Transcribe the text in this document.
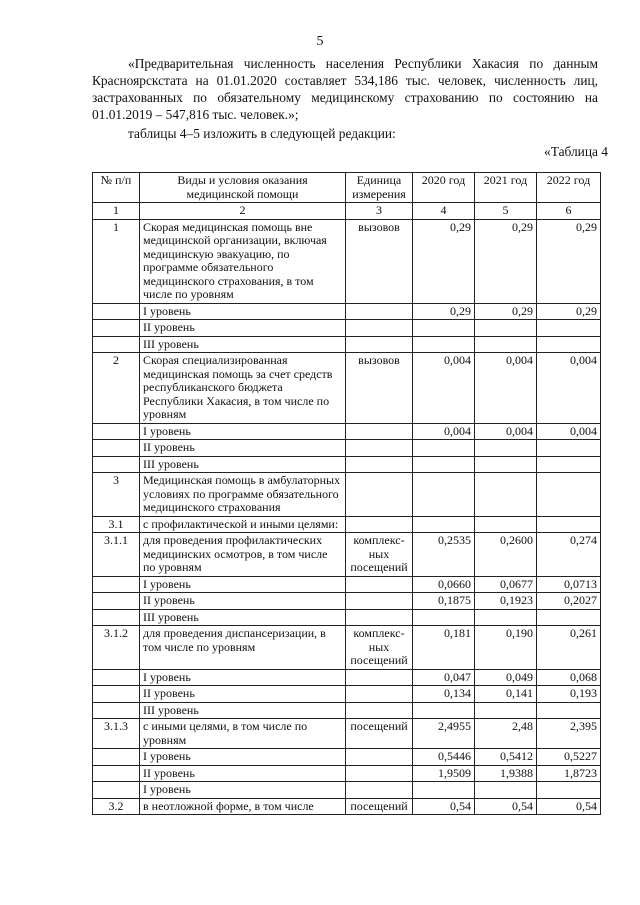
5
«Предварительная численность населения Республики Хакасия по данным Красноярскстата на 01.01.2020 составляет 534,186 тыс. человек, численность лиц, застрахованных по обязательному медицинскому страхованию по состоянию на 01.01.2019 – 547,816 тыс. человек.»;
таблицы 4–5 изложить в следующей редакции:
«Таблица 4
№ п/п	Виды и условия оказания медицинской помощи	Единица измерения	2020 год	2021 год	2022 год
1	2	3	4	5	6
1	Скорая медицинская помощь вне медицинской организации, включая медицинскую эвакуацию, по программе обязательного медицинского страхования, в том числе по уровням	вызовов	0,29	0,29	0,29
	I уровень		0,29	0,29	0,29
	II уровень				
	III уровень				
2	Скорая специализированная медицинская помощь за счет средств республиканского бюджета Республики Хакасия, в том числе по уровням	вызовов	0,004	0,004	0,004
	I уровень		0,004	0,004	0,004
	II уровень				
	III уровень				
3	Медицинская помощь в амбулаторных условиях по программе обязательного медицинского страхования				
3.1	с профилактической и иными целями:				
3.1.1	для проведения профилактических медицинских осмотров, в том числе по уровням	комплекс-ных посещений	0,2535	0,2600	0,274
	I уровень		0,0660	0,0677	0,0713
	II уровень		0,1875	0,1923	0,2027
	III уровень				
3.1.2	для проведения диспансеризации, в том числе по уровням	комплекс-ных посещений	0,181	0,190	0,261
	I уровень		0,047	0,049	0,068
	II уровень		0,134	0,141	0,193
	III уровень				
3.1.3	с иными целями, в том числе по уровням	посещений	2,4955	2,48	2,395
	I уровень		0,5446	0,5412	0,5227
	II уровень		1,9509	1,9388	1,8723
	I уровень				
3.2	в неотложной форме, в том числе	посещений	0,54	0,54	0,54
